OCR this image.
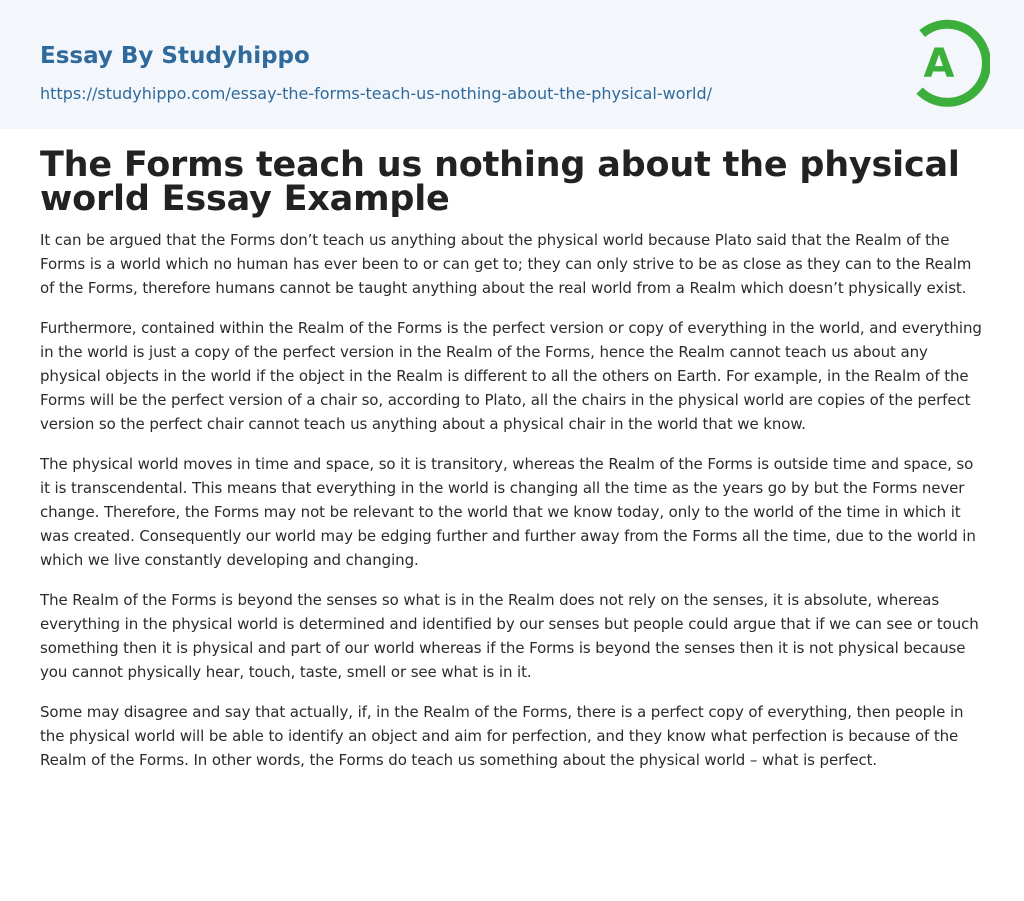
Essay By Studyhippo
https://studyhippo.com/essay-the-forms-teach-us-nothing-about-the-physical-world/
A
The Forms teach us nothing about the physical world Essay Example

It can be argued that the Forms don’t teach us anything about the physical world because Plato said that the Realm of the Forms is a world which no human has ever been to or can get to; they can only strive to be as close as they can to the Realm of the Forms, therefore humans cannot be taught anything about the real world from a Realm which doesn’t physically exist.

Furthermore, contained within the Realm of the Forms is the perfect version or copy of everything in the world, and everything in the world is just a copy of the perfect version in the Realm of the Forms, hence the Realm cannot teach us about any physical objects in the world if the object in the Realm is different to all the others on Earth. For example, in the Realm of the Forms will be the perfect version of a chair so, according to Plato, all the chairs in the physical world are copies of the perfect version so the perfect chair cannot teach us anything about a physical chair in the world that we know.

The physical world moves in time and space, so it is transitory, whereas the Realm of the Forms is outside time and space, so it is transcendental. This means that everything in the world is changing all the time as the years go by but the Forms never change. Therefore, the Forms may not be relevant to the world that we know today, only to the world of the time in which it was created. Consequently our world may be edging further and further away from the Forms all the time, due to the world in which we live constantly developing and changing.

The Realm of the Forms is beyond the senses so what is in the Realm does not rely on the senses, it is absolute, whereas everything in the physical world is determined and identified by our senses but people could argue that if we can see or touch something then it is physical and part of our world whereas if the Forms is beyond the senses then it is not physical because you cannot physically hear, touch, taste, smell or see what is in it.

Some may disagree and say that actually, if, in the Realm of the Forms, there is a perfect copy of everything, then people in the physical world will be able to identify an object and aim for perfection, and they know what perfection is because of the Realm of the Forms. In other words, the Forms do teach us something about the physical world – what is perfect.
